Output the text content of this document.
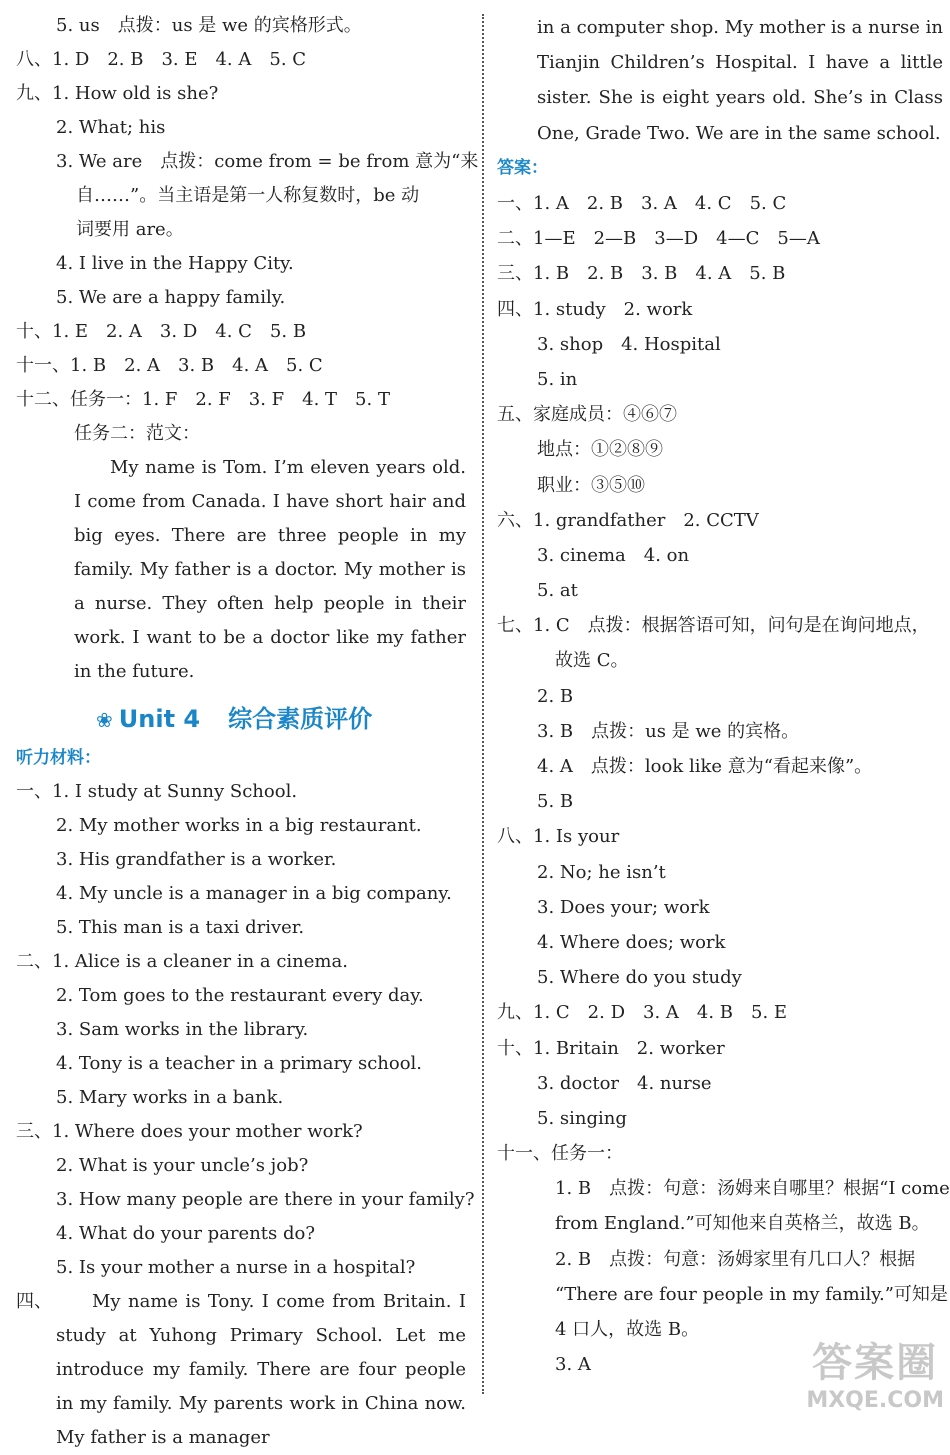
5. us　点拨：us 是 we 的宾格形式。
八、1. D　2. B　3. E　4. A　5. C
九、1. How old is she?
2. What; his
3. We are　点拨：come from = be from 意为“来
自……”。当主语是第一人称复数时，be 动
词要用 are。
4. I live in the Happy City.
5. We are a happy family.
十、1. E　2. A　3. D　4. C　5. B
十一、1. B　2. A　3. B　4. A　5. C
十二、任务一：1. F　2. F　3. F　4. T　5. T
任务二：范文：

My name is Tom. I’m eleven years old. I come from Canada. I have short hair and big eyes. There are three people in my family. My father is a doctor. My mother is a nurse. They often help people in their work. I want to be a doctor like my father in the future.

❀ Unit 4 综合素质评价
听力材料：
一、1. I study at Sunny School.
2. My mother works in a big restaurant.
3. His grandfather is a worker.
4. My uncle is a manager in a big company.
5. This man is a taxi driver.
二、1. Alice is a cleaner in a cinema.
2. Tom goes to the restaurant every day.
3. Sam works in the library.
4. Tony is a teacher in a primary school.
5. Mary works in a bank.
三、1. Where does your mother work?
2. What is your uncle’s job?
3. How many people are there in your family?
4. What do your parents do?
5. Is your mother a nurse in a hospital?
四、	My name is Tony. I come from Britain. I study at Yuhong Primary School. Let me introduce my family. There are four people in my family. My parents work in China now. My father is a manager

in a computer shop. My mother is a nurse in Tianjin Children’s Hospital. I have a little sister. She is eight years old. She’s in Class One, Grade Two. We are in the same school.

答案：
一、1. A　2. B　3. A　4. C　5. C
二、1—E　2—B　3—D　4—C　5—A
三、1. B　2. B　3. B　4. A　5. B
四、1. study　2. work
3. shop　4. Hospital
5. in
五、家庭成员：④⑥⑦
地点：①②⑧⑨
职业：③⑤⑩
六、1. grandfather　2. CCTV
3. cinema　4. on
5. at
七、1. C　点拨：根据答语可知，问句是在询问地点，
故选 C。
2. B
3. B　点拨：us 是 we 的宾格。
4. A　点拨：look like 意为“看起来像”。
5. B
八、1. Is your
2. No; he isn’t
3. Does your; work
4. Where does; work
5. Where do you study
九、1. C　2. D　3. A　4. B　5. E
十、1. Britain　2. worker
3. doctor　4. nurse
5. singing
十一、任务一：
1. B　点拨：句意：汤姆来自哪里？根据“I come
from England.”可知他来自英格兰，故选 B。
2. B　点拨：句意：汤姆家里有几口人？根据
“There are four people in my family.”可知是
4 口人，故选 B。
3. A	答案圈
MXQE.COM
